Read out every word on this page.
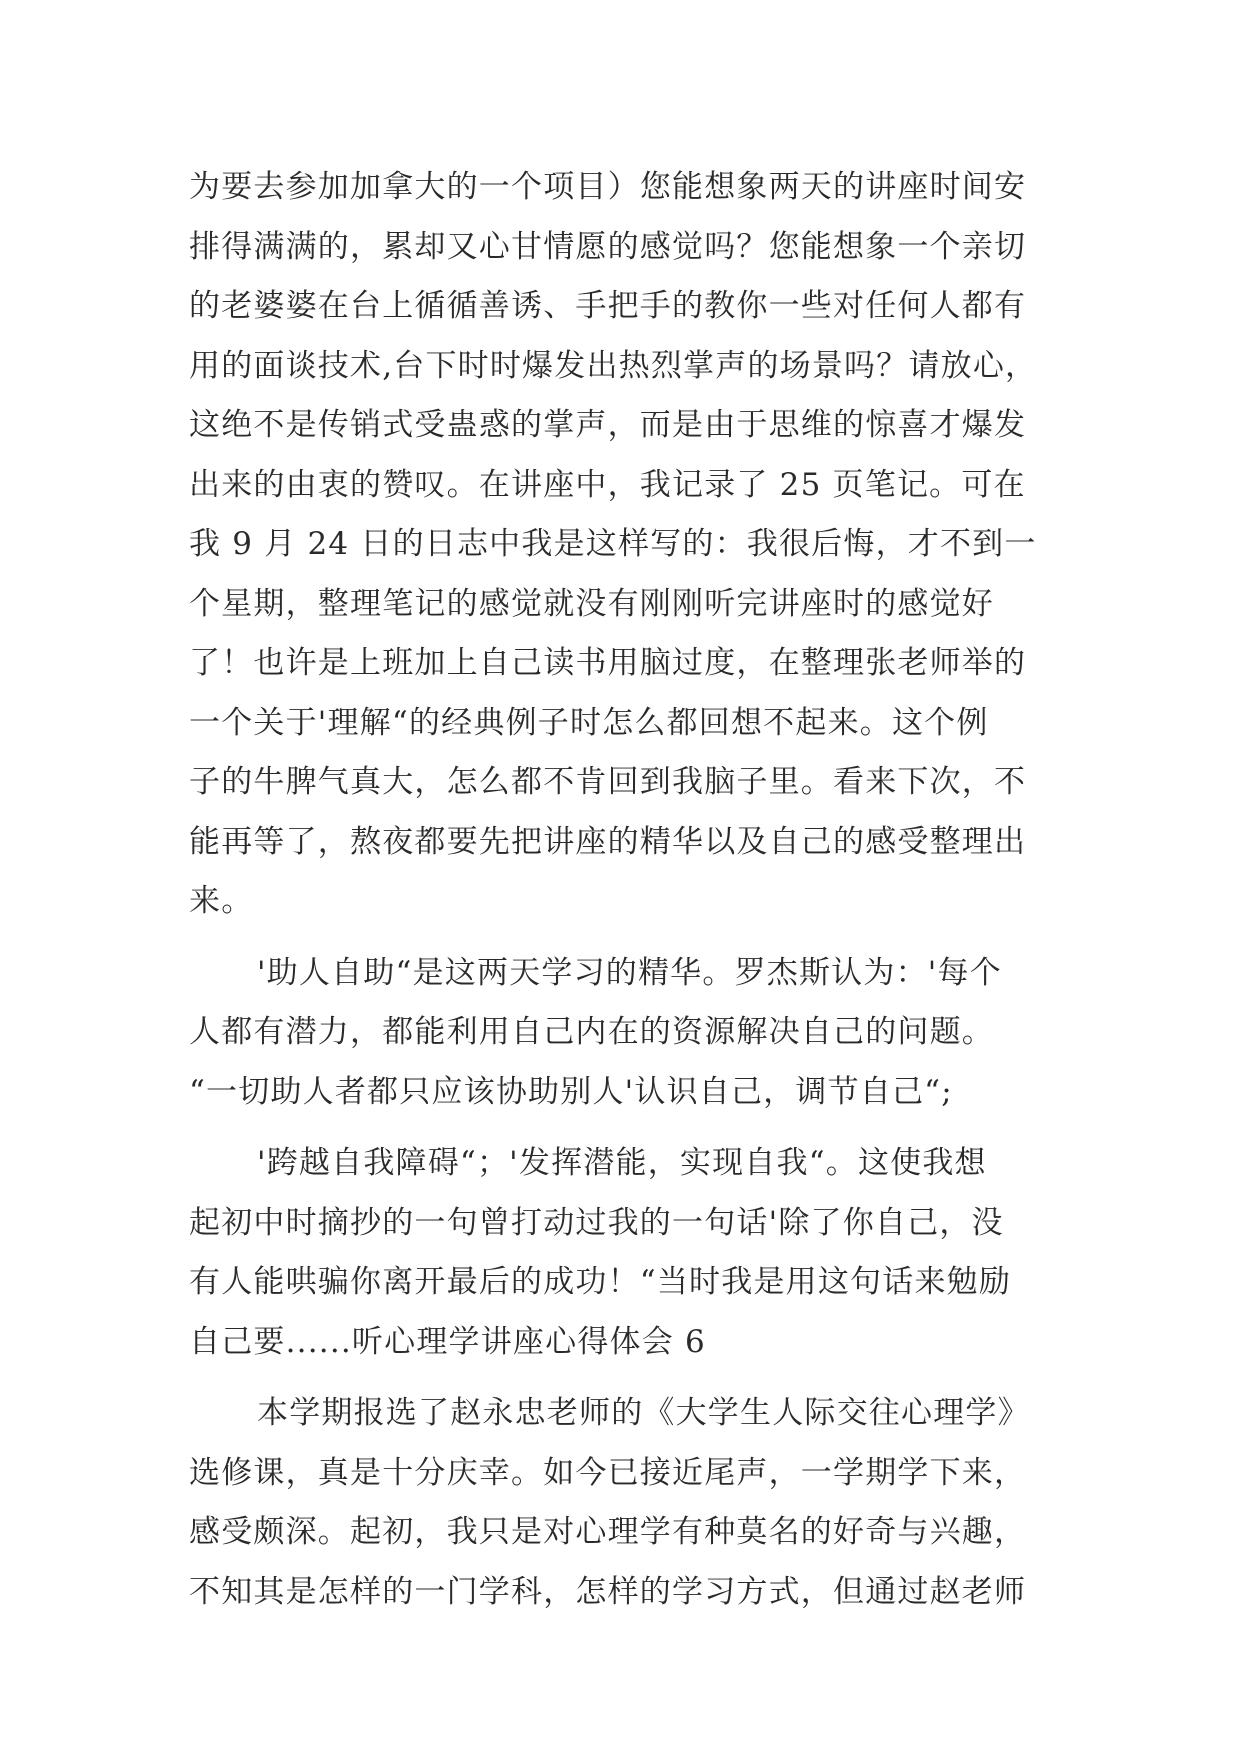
为要去参加加拿大的一个项目）您能想象两天的讲座时间安
排得满满的，累却又心甘情愿的感觉吗？您能想象一个亲切
的老婆婆在台上循循善诱、手把手的教你一些对任何人都有
用的面谈技术,台下时时爆发出热烈掌声的场景吗？请放心，
这绝不是传销式受蛊惑的掌声，而是由于思维的惊喜才爆发
出来的由衷的赞叹。在讲座中，我记录了 25 页笔记。可在
我 9 月 24 日的日志中我是这样写的：我很后悔，才不到一
个星期，整理笔记的感觉就没有刚刚听完讲座时的感觉好
了！也许是上班加上自己读书用脑过度，在整理张老师举的
一个关于'理解“的经典例子时怎么都回想不起来。这个例
子的牛脾气真大，怎么都不肯回到我脑子里。看来下次，不
能再等了，熬夜都要先把讲座的精华以及自己的感受整理出
来。
'助人自助“是这两天学习的精华。罗杰斯认为：'每个
人都有潜力，都能利用自己内在的资源解决自己的问题。
“一切助人者都只应该协助别人'认识自己，调节自己“;
'跨越自我障碍“；'发挥潜能，实现自我“。这使我想
起初中时摘抄的一句曾打动过我的一句话'除了你自己，没
有人能哄骗你离开最后的成功！“当时我是用这句话来勉励
自己要......听心理学讲座心得体会 6
本学期报选了赵永忠老师的《大学生人际交往心理学》
选修课，真是十分庆幸。如今已接近尾声，一学期学下来，
感受颇深。起初，我只是对心理学有种莫名的好奇与兴趣，
不知其是怎样的一门学科，怎样的学习方式，但通过赵老师
